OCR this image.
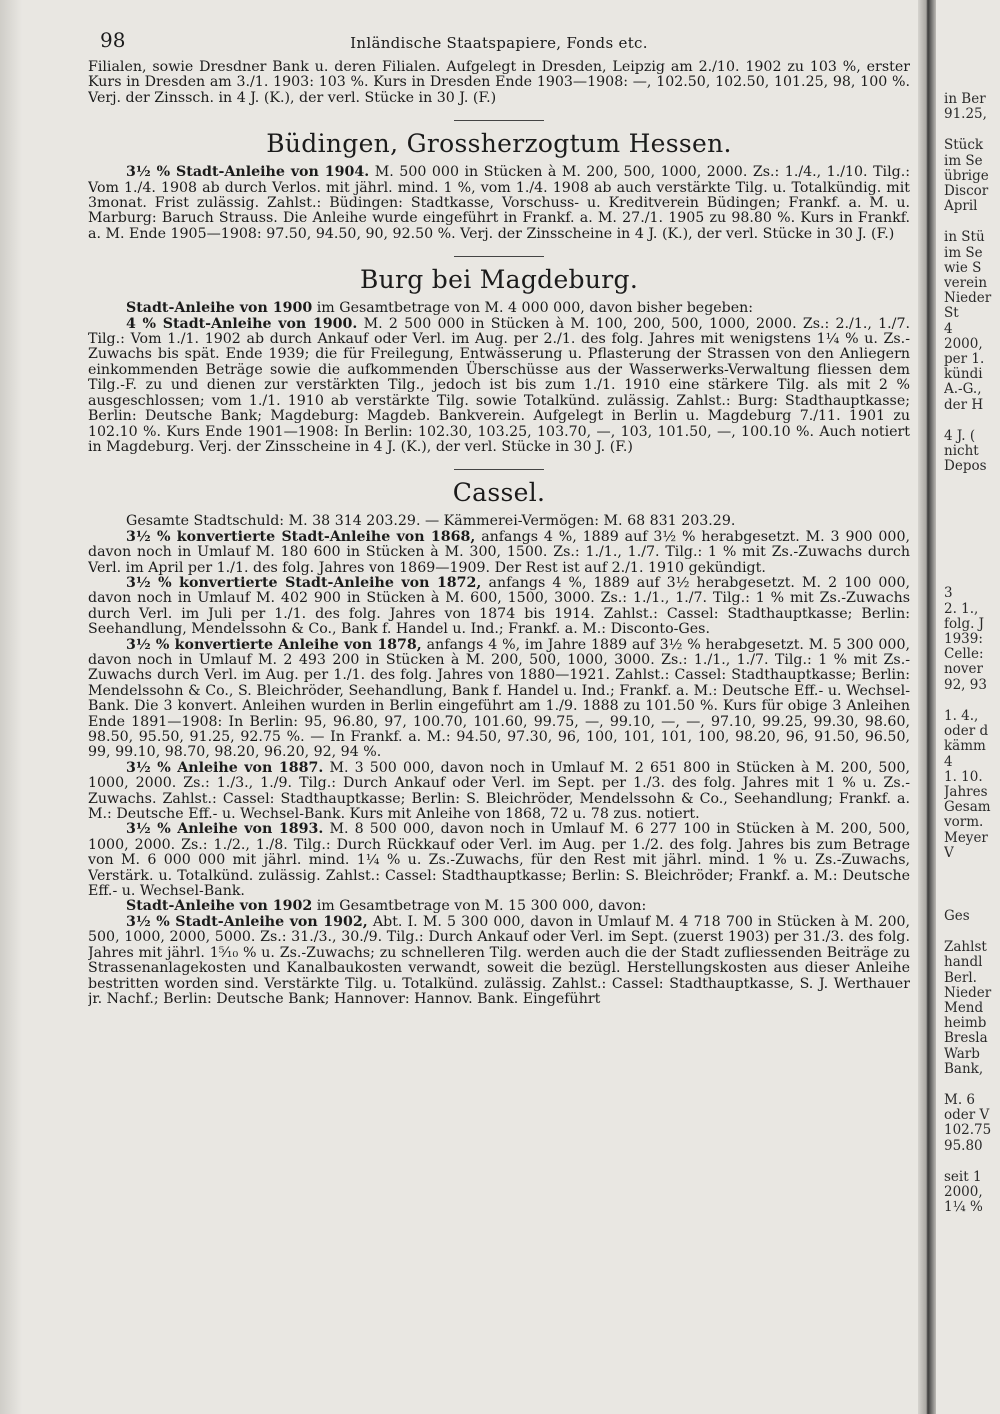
98	Inländische Staatspapiere, Fonds etc.

Filialen, sowie Dresdner Bank u. deren Filialen. Aufgelegt in Dresden, Leipzig am 2./10. 1902 zu 103 %, erster Kurs in Dresden am 3./1. 1903: 103 %. Kurs in Dresden Ende 1903—1908: —, 102.50, 102.50, 101.25, 98, 100 %. Verj. der Zinssch. in 4 J. (K.), der verl. Stücke in 30 J. (F.)

Büdingen, Grossherzogtum Hessen.

3½ % Stadt-Anleihe von 1904. M. 500 000 in Stücken à M. 200, 500, 1000, 2000. Zs.: 1./4., 1./10. Tilg.: Vom 1./4. 1908 ab durch Verlos. mit jährl. mind. 1 %, vom 1./4. 1908 ab auch verstärkte Tilg. u. Totalkündig. mit 3monat. Frist zulässig. Zahlst.: Büdingen: Stadtkasse, Vorschuss- u. Kreditverein Büdingen; Frankf. a. M. u. Marburg: Baruch Strauss. Die Anleihe wurde eingeführt in Frankf. a. M. 27./1. 1905 zu 98.80 %. Kurs in Frankf. a. M. Ende 1905—1908: 97.50, 94.50, 90, 92.50 %. Verj. der Zinsscheine in 4 J. (K.), der verl. Stücke in 30 J. (F.)

Burg bei Magdeburg.

Stadt-Anleihe von 1900 im Gesamtbetrage von M. 4 000 000, davon bisher begeben:

4 % Stadt-Anleihe von 1900. M. 2 500 000 in Stücken à M. 100, 200, 500, 1000, 2000. Zs.: 2./1., 1./7. Tilg.: Vom 1./1. 1902 ab durch Ankauf oder Verl. im Aug. per 2./1. des folg. Jahres mit wenigstens 1¼ % u. Zs.-Zuwachs bis spät. Ende 1939; die für Freilegung, Entwässerung u. Pflasterung der Strassen von den Anliegern einkommenden Beträge sowie die aufkommenden Überschüsse aus der Wasserwerks-Verwaltung fliessen dem Tilg.-F. zu und dienen zur verstärkten Tilg., jedoch ist bis zum 1./1. 1910 eine stärkere Tilg. als mit 2 % ausgeschlossen; vom 1./1. 1910 ab verstärkte Tilg. sowie Totalkünd. zulässig. Zahlst.: Burg: Stadthauptkasse; Berlin: Deutsche Bank; Magdeburg: Magdeb. Bankverein. Aufgelegt in Berlin u. Magdeburg 7./11. 1901 zu 102.10 %. Kurs Ende 1901—1908: In Berlin: 102.30, 103.25, 103.70, —, 103, 101.50, —, 100.10 %. Auch notiert in Magdeburg. Verj. der Zinsscheine in 4 J. (K.), der verl. Stücke in 30 J. (F.)

Cassel.

Gesamte Stadtschuld: M. 38 314 203.29. — Kämmerei-Vermögen: M. 68 831 203.29.

3½ % konvertierte Stadt-Anleihe von 1868, anfangs 4 %, 1889 auf 3½ % herabgesetzt. M. 3 900 000, davon noch in Umlauf M. 180 600 in Stücken à M. 300, 1500. Zs.: 1./1., 1./7. Tilg.: 1 % mit Zs.-Zuwachs durch Verl. im April per 1./1. des folg. Jahres von 1869—1909. Der Rest ist auf 2./1. 1910 gekündigt.

3½ % konvertierte Stadt-Anleihe von 1872, anfangs 4 %, 1889 auf 3½ herabgesetzt. M. 2 100 000, davon noch in Umlauf M. 402 900 in Stücken à M. 600, 1500, 3000. Zs.: 1./1., 1./7. Tilg.: 1 % mit Zs.-Zuwachs durch Verl. im Juli per 1./1. des folg. Jahres von 1874 bis 1914. Zahlst.: Cassel: Stadthauptkasse; Berlin: Seehandlung, Mendelssohn & Co., Bank f. Handel u. Ind.; Frankf. a. M.: Disconto-Ges.

3½ % konvertierte Anleihe von 1878, anfangs 4 %, im Jahre 1889 auf 3½ % herabgesetzt. M. 5 300 000, davon noch in Umlauf M. 2 493 200 in Stücken à M. 200, 500, 1000, 3000. Zs.: 1./1., 1./7. Tilg.: 1 % mit Zs.-Zuwachs durch Verl. im Aug. per 1./1. des folg. Jahres von 1880—1921. Zahlst.: Cassel: Stadthauptkasse; Berlin: Mendelssohn & Co., S. Bleichröder, Seehandlung, Bank f. Handel u. Ind.; Frankf. a. M.: Deutsche Eff.- u. Wechsel-Bank. Die 3 konvert. Anleihen wurden in Berlin eingeführt am 1./9. 1888 zu 101.50 %. Kurs für obige 3 Anleihen Ende 1891—1908: In Berlin: 95, 96.80, 97, 100.70, 101.60, 99.75, —, 99.10, —, —, 97.10, 99.25, 99.30, 98.60, 98.50, 95.50, 91.25, 92.75 %. — In Frankf. a. M.: 94.50, 97.30, 96, 100, 101, 101, 100, 98.20, 96, 91.50, 96.50, 99, 99.10, 98.70, 98.20, 96.20, 92, 94 %.

3½ % Anleihe von 1887. M. 3 500 000, davon noch in Umlauf M. 2 651 800 in Stücken à M. 200, 500, 1000, 2000. Zs.: 1./3., 1./9. Tilg.: Durch Ankauf oder Verl. im Sept. per 1./3. des folg. Jahres mit 1 % u. Zs.-Zuwachs. Zahlst.: Cassel: Stadthauptkasse; Berlin: S. Bleichröder, Mendelssohn & Co., Seehandlung; Frankf. a. M.: Deutsche Eff.- u. Wechsel-Bank. Kurs mit Anleihe von 1868, 72 u. 78 zus. notiert.

3½ % Anleihe von 1893. M. 8 500 000, davon noch in Umlauf M. 6 277 100 in Stücken à M. 200, 500, 1000, 2000. Zs.: 1./2., 1./8. Tilg.: Durch Rückkauf oder Verl. im Aug. per 1./2. des folg. Jahres bis zum Betrage von M. 6 000 000 mit jährl. mind. 1¼ % u. Zs.-Zuwachs, für den Rest mit jährl. mind. 1 % u. Zs.-Zuwachs, Verstärk. u. Totalkünd. zulässig. Zahlst.: Cassel: Stadthauptkasse; Berlin: S. Bleichröder; Frankf. a. M.: Deutsche Eff.- u. Wechsel-Bank.

Stadt-Anleihe von 1902 im Gesamtbetrage von M. 15 300 000, davon:

3½ % Stadt-Anleihe von 1902, Abt. I. M. 5 300 000, davon in Umlauf M. 4 718 700 in Stücken à M. 200, 500, 1000, 2000, 5000. Zs.: 31./3., 30./9. Tilg.: Durch Ankauf oder Verl. im Sept. (zuerst 1903) per 31./3. des folg. Jahres mit jährl. 1⁵⁄₁₀ % u. Zs.-Zuwachs; zu schnelleren Tilg. werden auch die der Stadt zufliessenden Beiträge zu Strassenanlagekosten und Kanalbaukosten verwandt, soweit die bezügl. Herstellungskosten aus dieser Anleihe bestritten worden sind. Verstärkte Tilg. u. Totalkünd. zulässig. Zahlst.: Cassel: Stadthauptkasse, S. J. Werthauer jr. Nachf.; Berlin: Deutsche Bank; Hannover: Hannov. Bank. Eingeführt

in Ber
91.25,
Stück
im Se
übrige
Discor
April
in Stü
im Se
wie S
verein
Nieder
St
4
2000,
per 1.
kündi
A.-G.,
der H
4 J. (
nicht
Depos
3
2. 1.,
folg. J
1939:
Celle:
nover
92, 93
1. 4.,
oder d
kämm
4
1. 10.
Jahres
Gesam
vorm.
Meyer
V
Ges
Zahlst
handl
Berl.
Nieder
Mend
heimb
Bresla
Warb
Bank,
M. 6
oder V
102.75
95.80
seit 1
2000,
1¼ %
